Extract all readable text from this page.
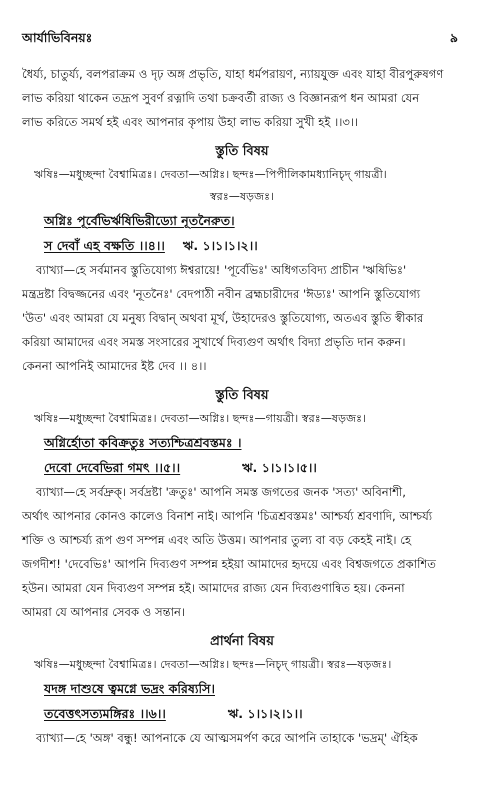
আর্যাভিবিনয়ঃ	৯

ধৈর্য্য, চাতুর্য্য, বলপরাক্রম ও দৃঢ় অঙ্গ প্রভৃতি, যাহা ধর্মপরায়ণ, ন্যায়যুক্ত এবং যাহা বীরপুরুষগণ

লাভ করিয়া থাকেন তদ্রূপ সুবর্ণ রত্নাদি তথা চক্রবর্তী রাজ্য ও বিজ্ঞানরূপ ধন আমরা যেন

লাভ করিতে সমর্থ হই এবং আপনার কৃপায় উহা লাভ করিয়া সুখী হই ।।৩।।

স্তুতি বিষয়

ঋষিঃ—মধুচ্ছন্দা বৈশ্বামিত্রঃ। দেবতা—অগ্নিঃ। ছন্দঃ—পিপীলিকামধ্যানিচৃদ্ গায়ত্রী।

স্বরঃ—ষড়জঃ।

অগ্নিঃ পূর্বেভির্ঋষিভিরীড্যো নূতনৈরুত।

স দেবাঁ এহ বক্ষতি ।।৪।। ঋ. ১।১।১।২।।

ব্যাখ্যা—হে সর্বমানব স্তুতিযোগ্য ঈশ্বরায়ে! 'পূর্বেভিঃ' অধিগতবিদ্য প্রাচীন 'ঋষিভিঃ'

মন্ত্রদ্রষ্টা বিদ্বজ্জনের এবং 'নূতনৈঃ' বেদপাঠী নবীন ব্রহ্মচারীদের 'ঈড্যঃ' আপনি স্তুতিযোগ্য

'উত' এবং আমরা যে মনুষ্য বিদ্বান্ অথবা মূর্খ, উহাদেরও স্তুতিযোগ্য, অতএব স্তুতি স্বীকার

করিয়া আমাদের এবং সমস্ত সংসারের সুখার্থে দিব্যগুণ অর্থাৎ বিদ্যা প্রভৃতি দান করুন।

কেননা আপনিই আমাদের ইষ্ট দেব ।। ৪।।

স্তুতি বিষয়

ঋষিঃ—মধুচ্ছন্দা বৈশ্বামিত্রঃ। দেবতা—অগ্নিঃ। ছন্দঃ—গায়ত্রী। স্বরঃ—ষড়জঃ।

অগ্নির্হোতা কবিক্রতুঃ সত্যশ্চিত্রশ্রবস্তমঃ ।

দেবো দেবেভিরা গমৎ ।।৫।।	ঋ. ১।১।১।৫।।

ব্যাখ্যা—হে সর্বদ্রুক্। সর্বদ্রষ্টা 'ক্রতুঃ' আপনি সমস্ত জগতের জনক 'সত্য' অবিনাশী,

অর্থাৎ আপনার কোনও কালেও বিনাশ নাই। আপনি 'চিত্রশ্রবস্তমঃ' আশ্চর্য্য শ্রবণাদি, আশ্চর্য্য

শক্তি ও আশ্চর্য্য রূপ গুণ সম্পন্ন এবং অতি উত্তম। আপনার তুল্য বা বড় কেহই নাই। হে

জগদীশ! 'দেবেভিঃ' আপনি দিব্যগুণ সম্পন্ন হইয়া আমাদের হৃদয়ে এবং বিশ্বজগতে প্রকাশিত

হউন। আমরা যেন দিব্যগুণ সম্পন্ন হই। আমাদের রাজ্য যেন দিব্যগুণান্বিত হয়। কেননা

আমরা যে আপনার সেবক ও সন্তান।

প্রার্থনা বিষয়

ঋষিঃ—মধুচ্ছন্দা বৈশ্বামিত্রঃ। দেবতা—অগ্নিঃ। ছন্দঃ—নিচৃদ্ গায়ত্রী। স্বরঃ—ষড়জঃ।

যদঙ্গ দাশুষে ত্বমগ্নে ভদ্রং করিষ্যসি।

তবেত্তৎসত্যমঙ্গিরঃ ।।৬।।	ঋ. ১।১।২।১।।

ব্যাখ্যা—হে 'অঙ্গ' বন্ধু! আপনাকে যে আত্মসমর্পণ করে আপনি তাহাকে 'ভদ্রম্' ঐহিক
